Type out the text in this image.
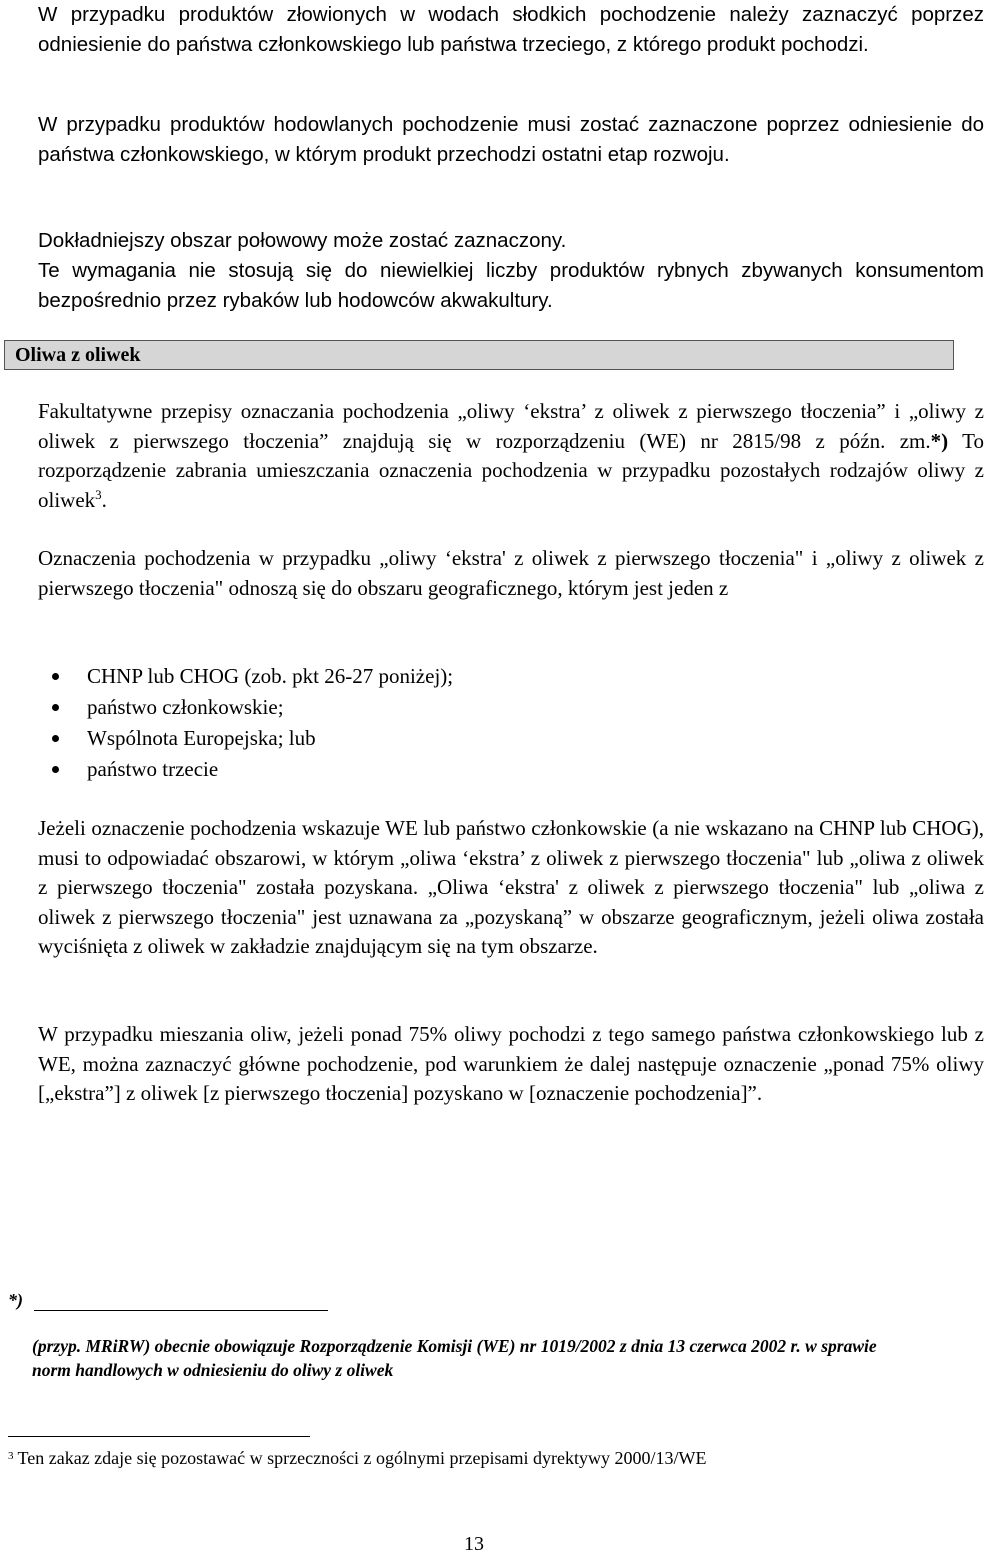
W przypadku produktów złowionych w wodach słodkich pochodzenie należy zaznaczyć poprzez odniesienie do państwa członkowskiego lub państwa trzeciego, z którego produkt pochodzi.

W przypadku produktów hodowlanych pochodzenie musi zostać zaznaczone poprzez odniesienie do państwa członkowskiego, w którym produkt przechodzi ostatni etap rozwoju.

Dokładniejszy obszar połowowy może zostać zaznaczony.

Te wymagania nie stosują się do niewielkiej liczby produktów rybnych zbywanych konsumentom bezpośrednio przez rybaków lub hodowców akwakultury.

Oliwa z oliwek

Fakultatywne przepisy oznaczania pochodzenia „oliwy ‘ekstra’ z oliwek z pierwszego tłoczenia” i „oliwy z oliwek z pierwszego tłoczenia” znajdują się w rozporządzeniu (WE) nr 2815/98 z późn. zm.*) To rozporządzenie zabrania umieszczania oznaczenia pochodzenia w przypadku pozostałych rodzajów oliwy z oliwek$^3$.

Oznaczenia pochodzenia w przypadku „oliwy ‘ekstra' z oliwek z pierwszego tłoczenia" i „oliwy z oliwek z pierwszego tłoczenia" odnoszą się do obszaru geograficznego, którym jest jeden z

CHNP lub CHOG (zob. pkt 26-27 poniżej);
państwo członkowskie;
Wspólnota Europejska; lub
państwo trzecie

Jeżeli oznaczenie pochodzenia wskazuje WE lub państwo członkowskie (a nie wskazano na CHNP lub CHOG), musi to odpowiadać obszarowi, w którym „oliwa ‘ekstra’ z oliwek z pierwszego tłoczenia" lub „oliwa z oliwek z pierwszego tłoczenia" została pozyskana. „Oliwa ‘ekstra' z oliwek z pierwszego tłoczenia" lub „oliwa z oliwek z pierwszego tłoczenia" jest uznawana za „pozyskaną” w obszarze geograficznym, jeżeli oliwa została wyciśnięta z oliwek w zakładzie znajdującym się na tym obszarze.

W przypadku mieszania oliw, jeżeli ponad 75% oliwy pochodzi z tego samego państwa członkowskiego lub z WE, można zaznaczyć główne pochodzenie, pod warunkiem że dalej następuje oznaczenie „ponad 75% oliwy [„ekstra”] z oliwek [z pierwszego tłoczenia] pozyskano w [oznaczenie pochodzenia]”.

*)
(przyp. MRiRW) obecnie obowiązuje Rozporządzenie Komisji (WE) nr 1019/2002 z dnia 13 czerwca 2002 r. w sprawie norm handlowych w odniesieniu do oliwy z oliwek
$^3$ Ten zakaz zdaje się pozostawać w sprzeczności z ogólnymi przepisami dyrektywy 2000/13/WE
13
